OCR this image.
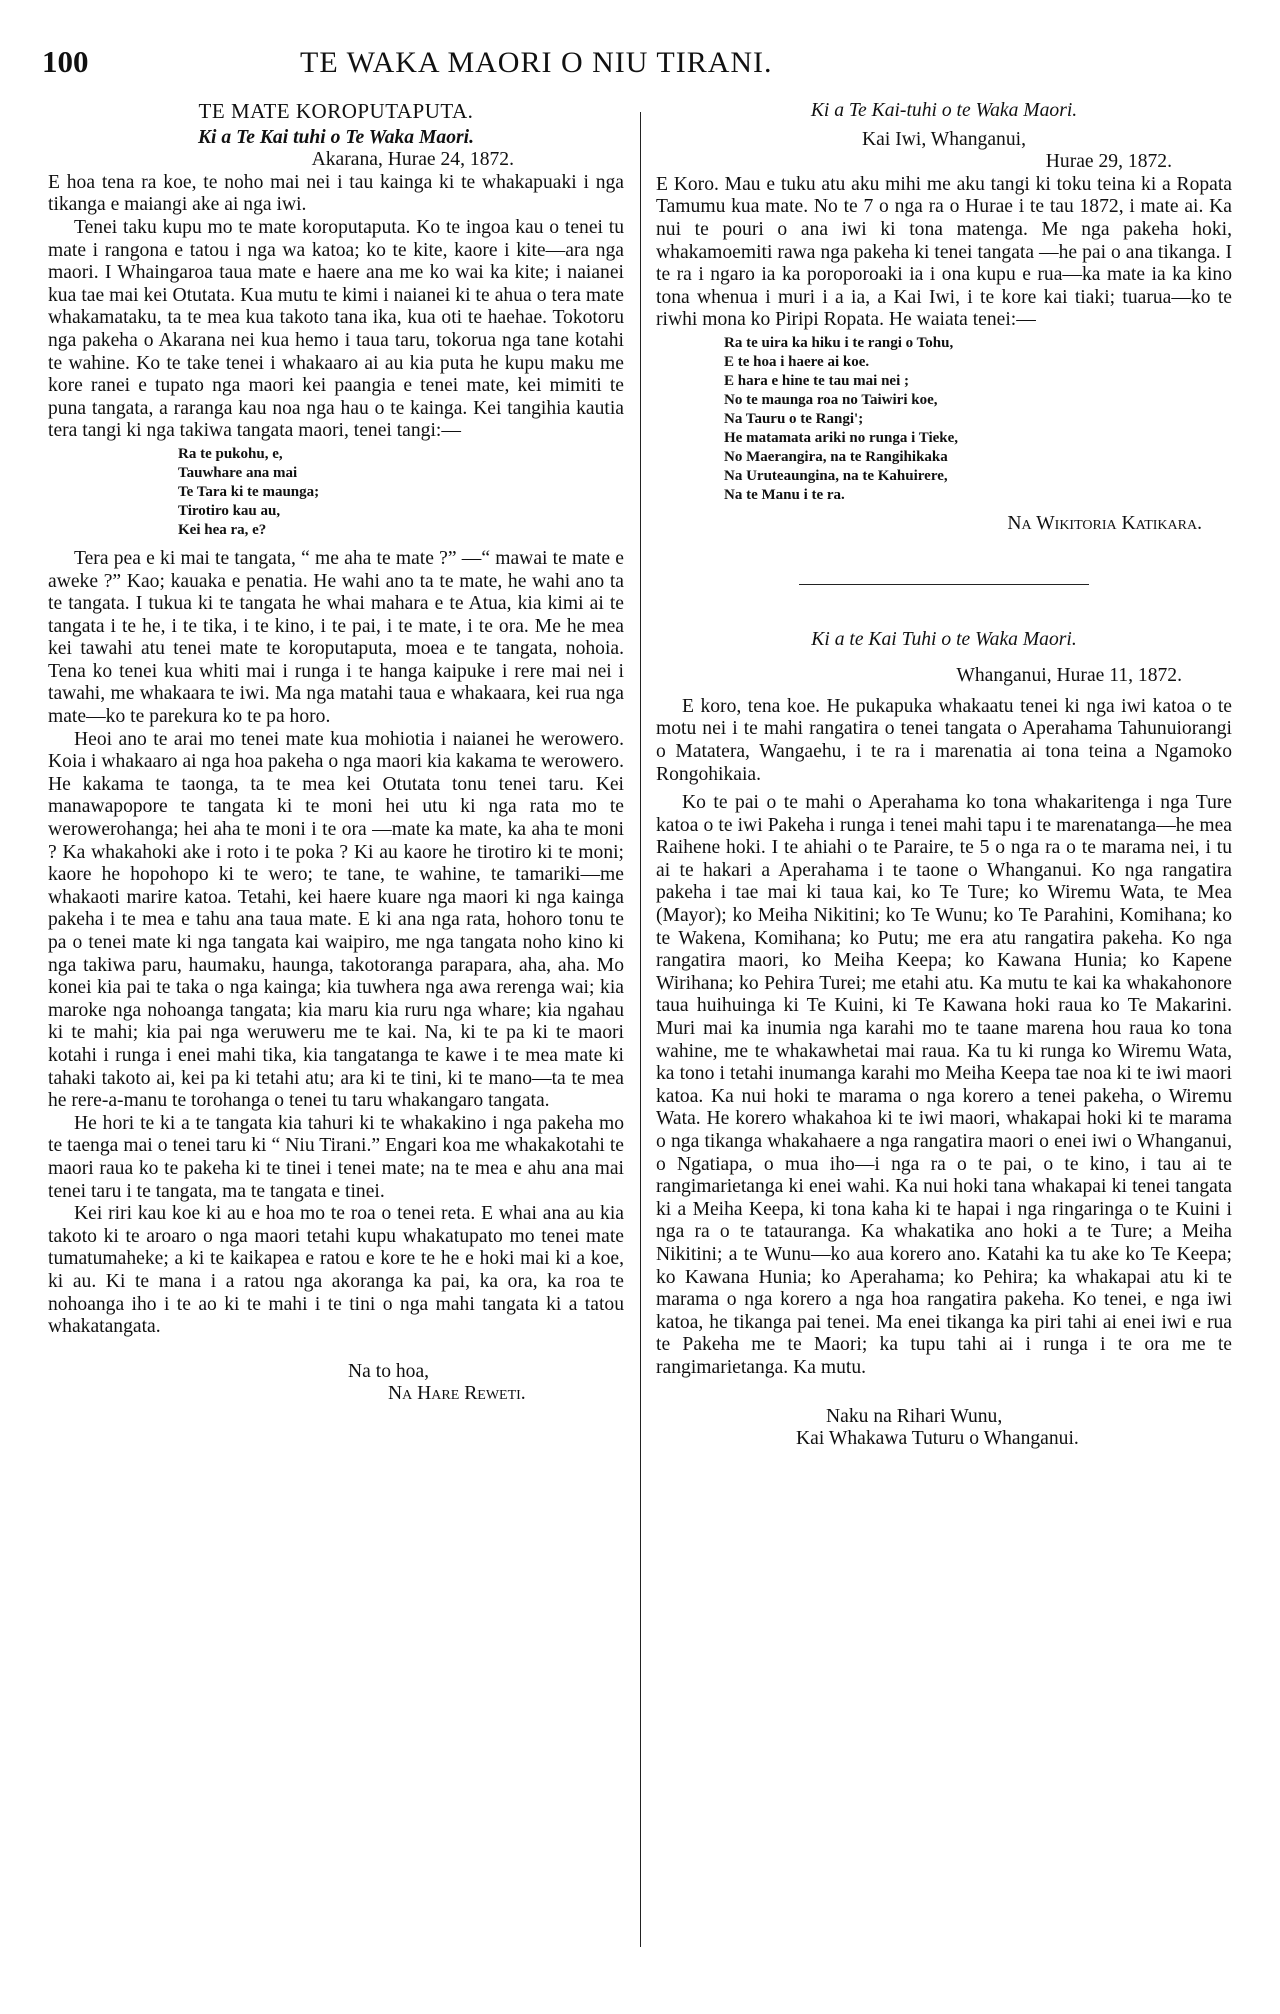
100	TE WAKA MAORI O NIU TIRANI.

TE MATE KOROPUTAPUTA.

Ki a Te Kai tuhi o Te Waka Maori.

Akarana, Hurae 24, 1872.

E hoa tena ra koe, te noho mai nei i tau kainga ki te whakapuaki i nga tikanga e maiangi ake ai nga iwi.

Tenei taku kupu mo te mate koroputaputa. Ko te ingoa kau o tenei tu mate i rangona e tatou i nga wa katoa; ko te kite, kaore i kite—ara nga maori. I Whaingaroa taua mate e haere ana me ko wai ka kite; i naianei kua tae mai kei Otutata. Kua mutu te kimi i naianei ki te ahua o tera mate whakamataku, ta te mea kua takoto tana ika, kua oti te haehae. Tokotoru nga pakeha o Akarana nei kua hemo i taua taru, tokorua nga tane kotahi te wahine. Ko te take tenei i whakaaro ai au kia puta he kupu maku me kore ranei e tupato nga maori kei paangia e tenei mate, kei mimiti te puna tangata, a raranga kau noa nga hau o te kainga. Kei tangihia kautia tera tangi ki nga takiwa tangata maori, tenei tangi:—

Ra te pukohu, e,
Tauwhare ana mai
Te Tara ki te maunga;
Tirotiro kau au,
Kei hea ra, e?

Tera pea e ki mai te tangata, “ me aha te mate ?” —“ mawai te mate e aweke ?” Kao; kauaka e penatia. He wahi ano ta te mate, he wahi ano ta te tangata. I tukua ki te tangata he whai mahara e te Atua, kia kimi ai te tangata i te he, i te tika, i te kino, i te pai, i te mate, i te ora. Me he mea kei tawahi atu tenei mate te koroputaputa, moea e te tangata, nohoia. Tena ko tenei kua whiti mai i runga i te hanga kaipuke i rere mai nei i tawahi, me whakaara te iwi. Ma nga matahi taua e whakaara, kei rua nga mate—ko te parekura ko te pa horo.

Heoi ano te arai mo tenei mate kua mohiotia i naianei he werowero. Koia i whakaaro ai nga hoa pakeha o nga maori kia kakama te werowero. He kakama te taonga, ta te mea kei Otutata tonu tenei taru. Kei manawapopore te tangata ki te moni hei utu ki nga rata mo te werowerohanga; hei aha te moni i te ora —mate ka mate, ka aha te moni ? Ka whakahoki ake i roto i te poka ? Ki au kaore he tirotiro ki te moni; kaore he hopohopo ki te wero; te tane, te wahine, te tamariki—me whakaoti marire katoa. Tetahi, kei haere kuare nga maori ki nga kainga pakeha i te mea e tahu ana taua mate. E ki ana nga rata, hohoro tonu te pa o tenei mate ki nga tangata kai waipiro, me nga tangata noho kino ki nga takiwa paru, haumaku, haunga, takotoranga parapara, aha, aha. Mo konei kia pai te taka o nga kainga; kia tuwhera nga awa rerenga wai; kia maroke nga nohoanga tangata; kia maru kia ruru nga whare; kia ngahau ki te mahi; kia pai nga weruweru me te kai. Na, ki te pa ki te maori kotahi i runga i enei mahi tika, kia tangatanga te kawe i te mea mate ki tahaki takoto ai, kei pa ki tetahi atu; ara ki te tini, ki te mano—ta te mea he rere-a-manu te torohanga o tenei tu taru whakangaro tangata.

He hori te ki a te tangata kia tahuri ki te whakakino i nga pakeha mo te taenga mai o tenei taru ki “ Niu Tirani.” Engari koa me whakakotahi te maori raua ko te pakeha ki te tinei i tenei mate; na te mea e ahu ana mai tenei taru i te tangata, ma te tangata e tinei.

Kei riri kau koe ki au e hoa mo te roa o tenei reta. E whai ana au kia takoto ki te aroaro o nga maori tetahi kupu whakatupato mo tenei mate tumatumaheke; a ki te kaikapea e ratou e kore te he e hoki mai ki a koe, ki au. Ki te mana i a ratou nga akoranga ka pai, ka ora, ka roa te nohoanga iho i te ao ki te mahi i te tini o nga mahi tangata ki a tatou whakatangata.

Na to hoa,

Na Hare Reweti.

Ki a Te Kai-tuhi o te Waka Maori.

Kai Iwi, Whanganui,

Hurae 29, 1872.

E Koro. Mau e tuku atu aku mihi me aku tangi ki toku teina ki a Ropata Tamumu kua mate. No te 7 o nga ra o Hurae i te tau 1872, i mate ai. Ka nui te pouri o ana iwi ki tona matenga. Me nga pakeha hoki, whakamoemiti rawa nga pakeha ki tenei tangata —he pai o ana tikanga. I te ra i ngaro ia ka poroporoaki ia i ona kupu e rua—ka mate ia ka kino tona whenua i muri i a ia, a Kai Iwi, i te kore kai tiaki; tuarua—ko te riwhi mona ko Piripi Ropata. He waiata tenei:—

Ra te uira ka hiku i te rangi o Tohu,
E te hoa i haere ai koe.
E hara e hine te tau mai nei ;
No te maunga roa no Taiwiri koe,
Na Tauru o te Rangi';
He matamata ariki no runga i Tieke,
No Maerangira, na te Rangihikaka
Na Uruteaungina, na te Kahuirere,
Na te Manu i te ra.

Na Wikitoria Katikara.

Ki a te Kai Tuhi o te Waka Maori.

Whanganui, Hurae 11, 1872.

E koro, tena koe. He pukapuka whakaatu tenei ki nga iwi katoa o te motu nei i te mahi rangatira o tenei tangata o Aperahama Tahunuiorangi o Matatera, Wangaehu, i te ra i marenatia ai tona teina a Ngamoko Rongohikaia.

Ko te pai o te mahi o Aperahama ko tona whakaritenga i nga Ture katoa o te iwi Pakeha i runga i tenei mahi tapu i te marenatanga—he mea Raihene hoki. I te ahiahi o te Paraire, te 5 o nga ra o te marama nei, i tu ai te hakari a Aperahama i te taone o Whanganui. Ko nga rangatira pakeha i tae mai ki taua kai, ko Te Ture; ko Wiremu Wata, te Mea (Mayor); ko Meiha Nikitini; ko Te Wunu; ko Te Parahini, Komihana; ko te Wakena, Komihana; ko Putu; me era atu rangatira pakeha. Ko nga rangatira maori, ko Meiha Keepa; ko Kawana Hunia; ko Kapene Wirihana; ko Pehira Turei; me etahi atu. Ka mutu te kai ka whakahonore taua huihuinga ki Te Kuini, ki Te Kawana hoki raua ko Te Makarini. Muri mai ka inumia nga karahi mo te taane marena hou raua ko tona wahine, me te whakawhetai mai raua. Ka tu ki runga ko Wiremu Wata, ka tono i tetahi inumanga karahi mo Meiha Keepa tae noa ki te iwi maori katoa. Ka nui hoki te marama o nga korero a tenei pakeha, o Wiremu Wata. He korero whakahoa ki te iwi maori, whakapai hoki ki te marama o nga tikanga whakahaere a nga rangatira maori o enei iwi o Whanganui, o Ngatiapa, o mua iho—i nga ra o te pai, o te kino, i tau ai te rangimarietanga ki enei wahi. Ka nui hoki tana whakapai ki tenei tangata ki a Meiha Keepa, ki tona kaha ki te hapai i nga ringaringa o te Kuini i nga ra o te tataurangа. Ka whakatika ano hoki a te Ture; a Meiha Nikitini; a te Wunu—ko aua korero ano. Katahi ka tu ake ko Te Keepa; ko Kawana Hunia; ko Aperahama; ko Pehira; ka whakapai atu ki te marama o nga korero a nga hoa rangatira pakeha. Ko tenei, e nga iwi katoa, he tikanga pai tenei. Ma enei tikanga ka piri tahi ai enei iwi e rua te Pakeha me te Maori; ka tupu tahi ai i runga i te ora me te rangimarietanga. Ka mutu.

Naku na Rihari Wunu,

Kai Whakawa Tuturu o Whanganui.
